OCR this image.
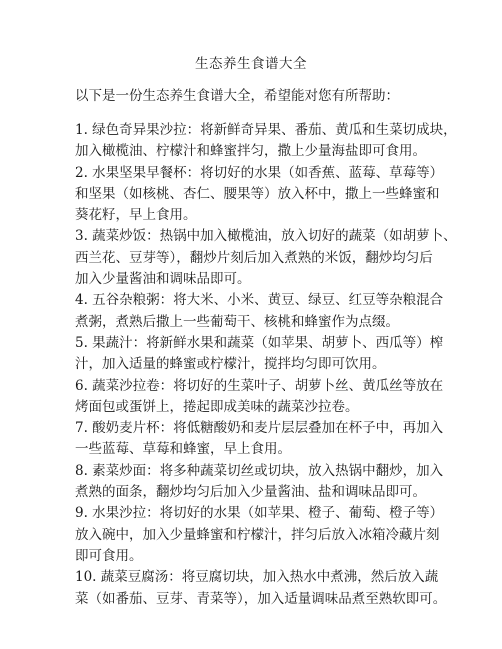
生态养生食谱大全
以下是一份生态养生食谱大全，希望能对您有所帮助：
1. 绿色奇异果沙拉：将新鲜奇异果、番茄、黄瓜和生菜切成块，
加入橄榄油、柠檬汁和蜂蜜拌匀，撒上少量海盐即可食用。
2. 水果坚果早餐杯：将切好的水果（如香蕉、蓝莓、草莓等）
和坚果（如核桃、杏仁、腰果等）放入杯中，撒上一些蜂蜜和
葵花籽，早上食用。
3. 蔬菜炒饭：热锅中加入橄榄油，放入切好的蔬菜（如胡萝卜、
西兰花、豆芽等），翻炒片刻后加入煮熟的米饭，翻炒均匀后
加入少量酱油和调味品即可。
4. 五谷杂粮粥：将大米、小米、黄豆、绿豆、红豆等杂粮混合
煮粥，煮熟后撒上一些葡萄干、核桃和蜂蜜作为点缀。
5. 果蔬汁：将新鲜水果和蔬菜（如苹果、胡萝卜、西瓜等）榨
汁，加入适量的蜂蜜或柠檬汁，搅拌均匀即可饮用。
6. 蔬菜沙拉卷：将切好的生菜叶子、胡萝卜丝、黄瓜丝等放在
烤面包或蛋饼上，捲起即成美味的蔬菜沙拉卷。
7. 酸奶麦片杯：将低糖酸奶和麦片层层叠加在杯子中，再加入
一些蓝莓、草莓和蜂蜜，早上食用。
8. 素菜炒面：将多种蔬菜切丝或切块，放入热锅中翻炒，加入
煮熟的面条，翻炒均匀后加入少量酱油、盐和调味品即可。
9. 水果沙拉：将切好的水果（如苹果、橙子、葡萄、橙子等）
放入碗中，加入少量蜂蜜和柠檬汁，拌匀后放入冰箱冷藏片刻
即可食用。
10. 蔬菜豆腐汤：将豆腐切块，加入热水中煮沸，然后放入蔬
菜（如番茄、豆芽、青菜等），加入适量调味品煮至熟软即可。
